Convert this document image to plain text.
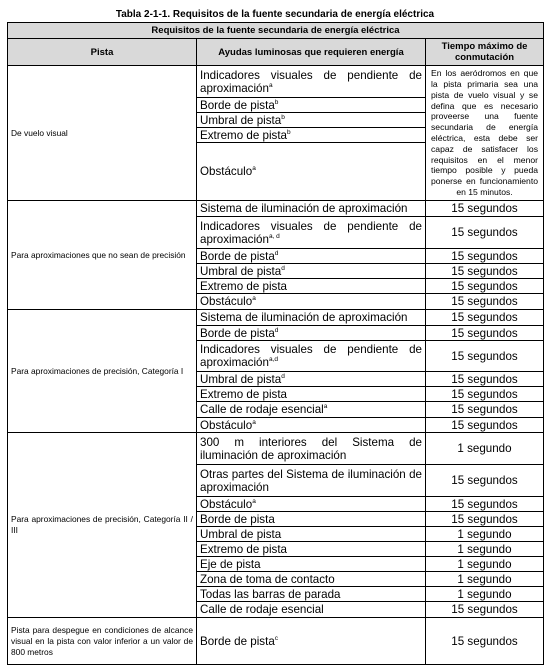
Tabla 2-1-1. Requisitos de la fuente secundaria de energía eléctrica
Requisitos de la fuente secundaria de energía eléctrica		
Pista	Ayudas luminosas que requieren energía	Tiempo máximo de conmutación
De vuelo visual	Indicadores visuales de pendiente de aproximación$^a$	En los aeródromos en que la pista primaria sea una pista de vuelo visual y se defina que es necesario proveerse una fuente secundaria de energía eléctrica, esta debe ser capaz de satisfacer los requisitos en el menor tiempo posible y pueda ponerse en funcionamiento en 15 minutos.
	Borde de pista$^b$
	Umbral de pista$^b$
	Extremo de pista$^b$
	Obstáculo$^a$
Para aproximaciones que no sean de precisión	Sistema de iluminación de aproximación	15 segundos
	Indicadores visuales de pendiente de aproximación$^{a, d}$	15 segundos
	Borde de pista$^d$	15 segundos
	Umbral de pista$^d$	15 segundos
	Extremo de pista	15 segundos
	Obstáculo$^a$	15 segundos
Para aproximaciones de precisión, Categoría I	Sistema de iluminación de aproximación	15 segundos
	Borde de pista$^d$	15 segundos
	Indicadores visuales de pendiente de aproximación$^{a,d}$	15 segundos
	Umbral de pista$^d$	15 segundos
	Extremo de pista	15 segundos
	Calle de rodaje esencial$^a$	15 segundos
	Obstáculo$^a$	15 segundos
Para aproximaciones de precisión, Categoría II / III	300 m interiores del Sistema de iluminación de aproximación	1 segundo
	Otras partes del Sistema de iluminación de aproximación	15 segundos
	Obstáculo$^a$	15 segundos
	Borde de pista	15 segundos
	Umbral de pista	1 segundo
	Extremo de pista	1 segundo
	Eje de pista	1 segundo
	Zona de toma de contacto	1 segundo
	Todas las barras de parada	1 segundo
	Calle de rodaje esencial	15 segundos
Pista para despegue en condiciones de alcance visual en la pista con valor inferior a un valor de 800 metros	Borde de pista$^c$	15 segundos
